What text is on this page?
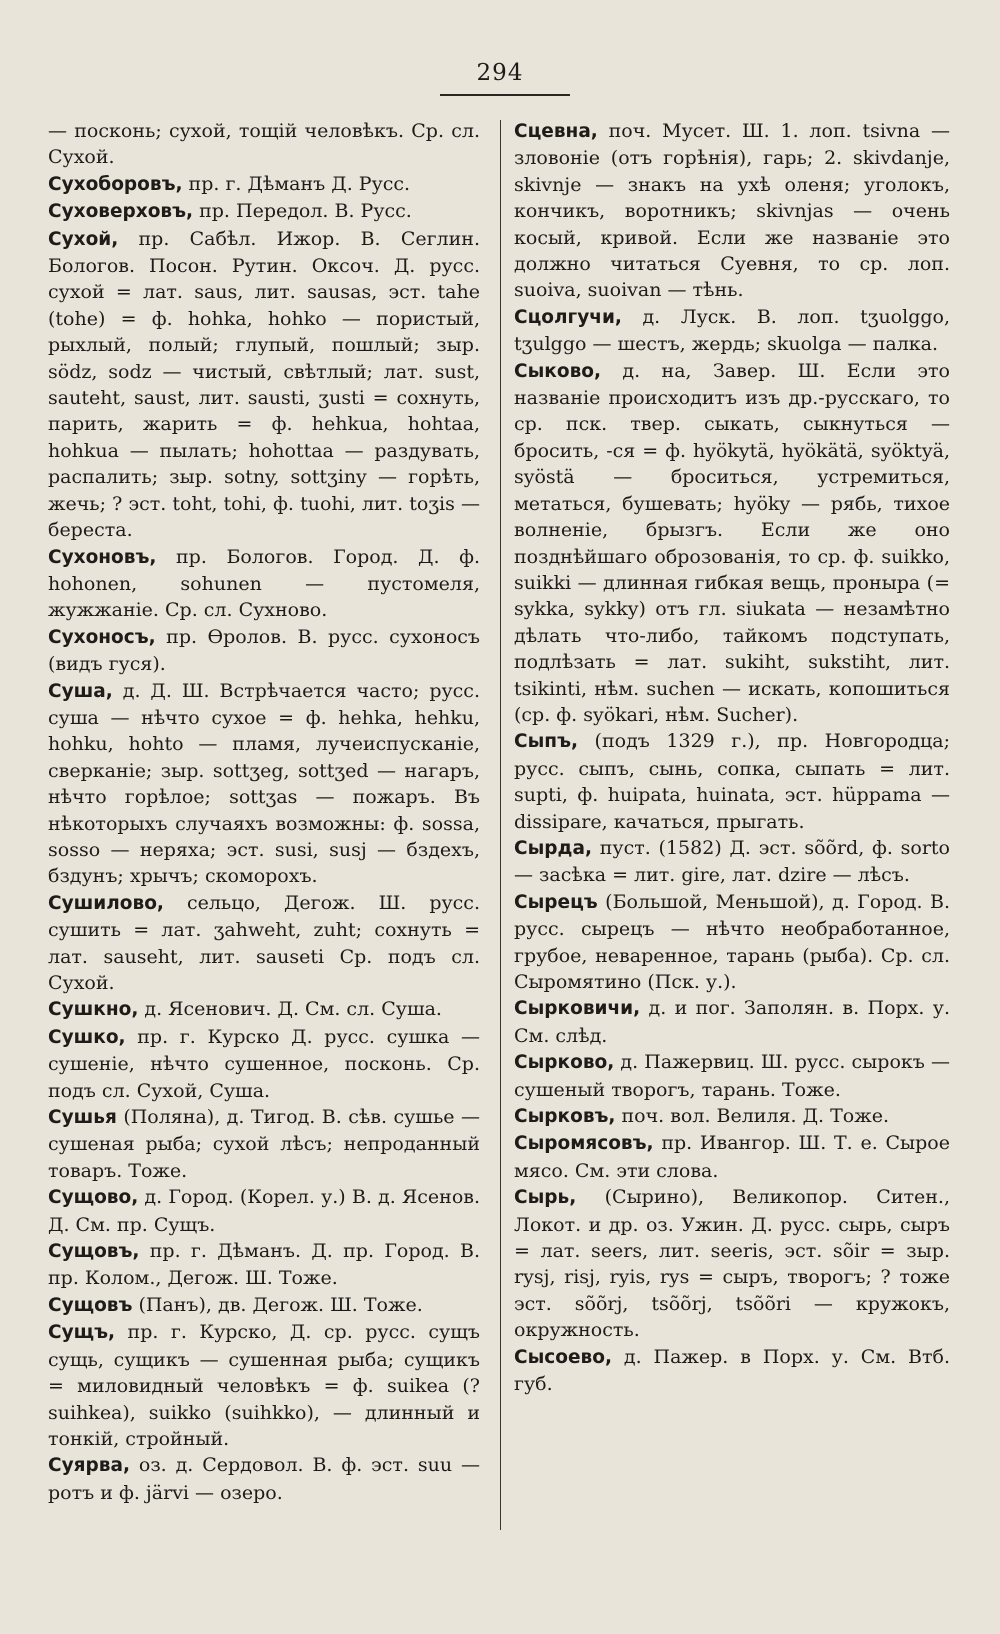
294

— посконь; сухой, тощій человѣкъ. Ср. сл. Сухой.

Сухоборовъ, пр. г. Дѣманъ Д. Русс.

Суховерховъ, пр. Передол. В. Русс.

Сухой, пр. Сабѣл. Ижор. В. Сеглин. Бологов. Посон. Рутин. Оксоч. Д. русс. сухой = лат. saus, лит. sausas, эст. tahe (tohe) = ф. hohka, hohko — пористый, рыхлый, полый; глупый, пошлый; зыр. södz, sodz — чистый, свѣтлый; лат. sust, sauteht, saust, лит. sausti, ʒusti = сохнуть, парить, жарить = ф. hehkua, hohtaa, hohkua — пылать; hohottaa — раздувать, распалить; зыр. sotny, sottʒiny — горѣть, жечь; ? эст. toht, tohi, ф. tuohi, лит. toʒis — береста.

Сухоновъ, пр. Бологов. Город. Д. ф. hohonen, sohunen — пустомеля, жужжаніе. Ср. сл. Сухново.

Сухоносъ, пр. Ѳролов. В. русс. сухоносъ (видъ гуся).

Суша, д. Д. Ш. Встрѣчается часто; русс. суша — нѣчто сухое = ф. hehka, hehku, hohku, hohto — пламя, лучеиспусканіе, сверканіе; зыр. sottʒeg, sottʒed — нагаръ, нѣчто горѣлое; sottʒas — пожаръ. Въ нѣкоторыхъ случаяхъ возможны: ф. sossa, sosso — неряха; эст. susi, susj — бздехъ, бздунъ; хрычъ; скоморохъ.

Сушилово, сельцо, Дегож. Ш. русс. сушить = лат. ʒahweht, zuht; сохнуть = лат. sauseht, лит. sausetі Ср. подъ сл. Сухой.

Сушкно, д. Ясенович. Д. См. сл. Суша.

Сушко, пр. г. Курско Д. русс. сушка — сушеніе, нѣчто сушенное, посконь. Ср. подъ сл. Сухой, Суша.

Сушья (Поляна), д. Тигод. В. сѣв. сушье — сушеная рыба; сухой лѣсъ; непроданный товаръ. Тоже.

Сущово, д. Город. (Корел. у.) В. д. Ясенов. Д. См. пр. Сущъ.

Сущовъ, пр. г. Дѣманъ. Д. пр. Город. В. пр. Колом., Дегож. Ш. Тоже.

Сущовъ (Панъ), дв. Дегож. Ш. Тоже.

Сущъ, пр. г. Курско, Д. ср. русс. сущъ сущь, сущикъ — сушенная рыба; сущикъ = миловидный человѣкъ = ф. suikea (? suihkea), suikko (suihkko), — длинный и тонкій, стройный.

Суярва, оз. д. Сердовол. В. ф. эст. suu — ротъ и ф. järvi — озеро.

Сцевна, поч. Мусет. Ш. 1. лоп. tsivna — зловоніе (отъ горѣнія), гарь; 2. skivdanje, skivnje — знакъ на ухѣ оленя; уголокъ, кончикъ, воротникъ; skivnjas — очень косый, кривой. Если же названіе это должно читаться Суевня, то ср. лоп. suoiva, suoivan — тѣнь.

Сцолгучи, д. Луск. В. лоп. tʒuolggo, tʒulggo — шестъ, жердь; skuolga — палка.

Сыково, д. на, Завер. Ш. Если это названіе происходитъ изъ др.-русскаго, то ср. пск. твер. сыкать, сыкнуться — бросить, -ся = ф. hyökytä, hyökätä, syöktyä, syöstä — броситься, устремиться, метаться, бушевать; hyöky — рябь, тихое волненіе, брызгъ. Если же оно позднѣйшаго оброзованія, то ср. ф. suikko, suikki — длинная гибкая вещь, пронырa (= sykka, sykky) отъ гл. siukata — незамѣтно дѣлать что-либо, тайкомъ подступать, подлѣзать = лат. sukiht, sukstiht, лит. tsikinti, нѣм. suchen — искать, копошиться (ср. ф. syökari, нѣм. Sucher).

Сыпъ, (подъ 1329 г.), пр. Новгородца; русс. сыпъ, сынь, сопка, сыпать = лит. supti, ф. huipata, huinata, эст. hüppama — dissipare, качаться, прыгать.

Сырда, пуст. (1582) Д. эст. sõõrd, ф. sorto — засѣка = лит. gire, лат. dzire — лѣсъ.

Сырецъ (Большой, Меньшой), д. Город. В. русс. сырецъ — нѣчто необработанное, грубое, неваренное, тарань (рыба). Ср. сл. Сыромятино (Пск. у.).

Сырковичи, д. и пог. Заполян. в. Порх. у. См. слѣд.

Сырково, д. Пажервиц. Ш. русс. сырокъ — сушеный творогъ, тарань. Тоже.

Сырковъ, поч. вол. Велиля. Д. Тоже.

Сыромясовъ, пр. Ивангор. Ш. Т. е. Сырое мясо. См. эти слова.

Сырь, (Сырино), Великопор. Ситен., Локот. и др. оз. Ужин. Д. русс. сырь, сыръ = лат. seers, лит. seeris, эст. sõir = зыр. rysj, risj, ryis, rys = сыръ, творогъ; ? тоже эст. sõõrj, tsõõrj, tsõõri — кружокъ, окружность.

Сысоево, д. Пажер. в Порх. у. См. Втб. губ.
